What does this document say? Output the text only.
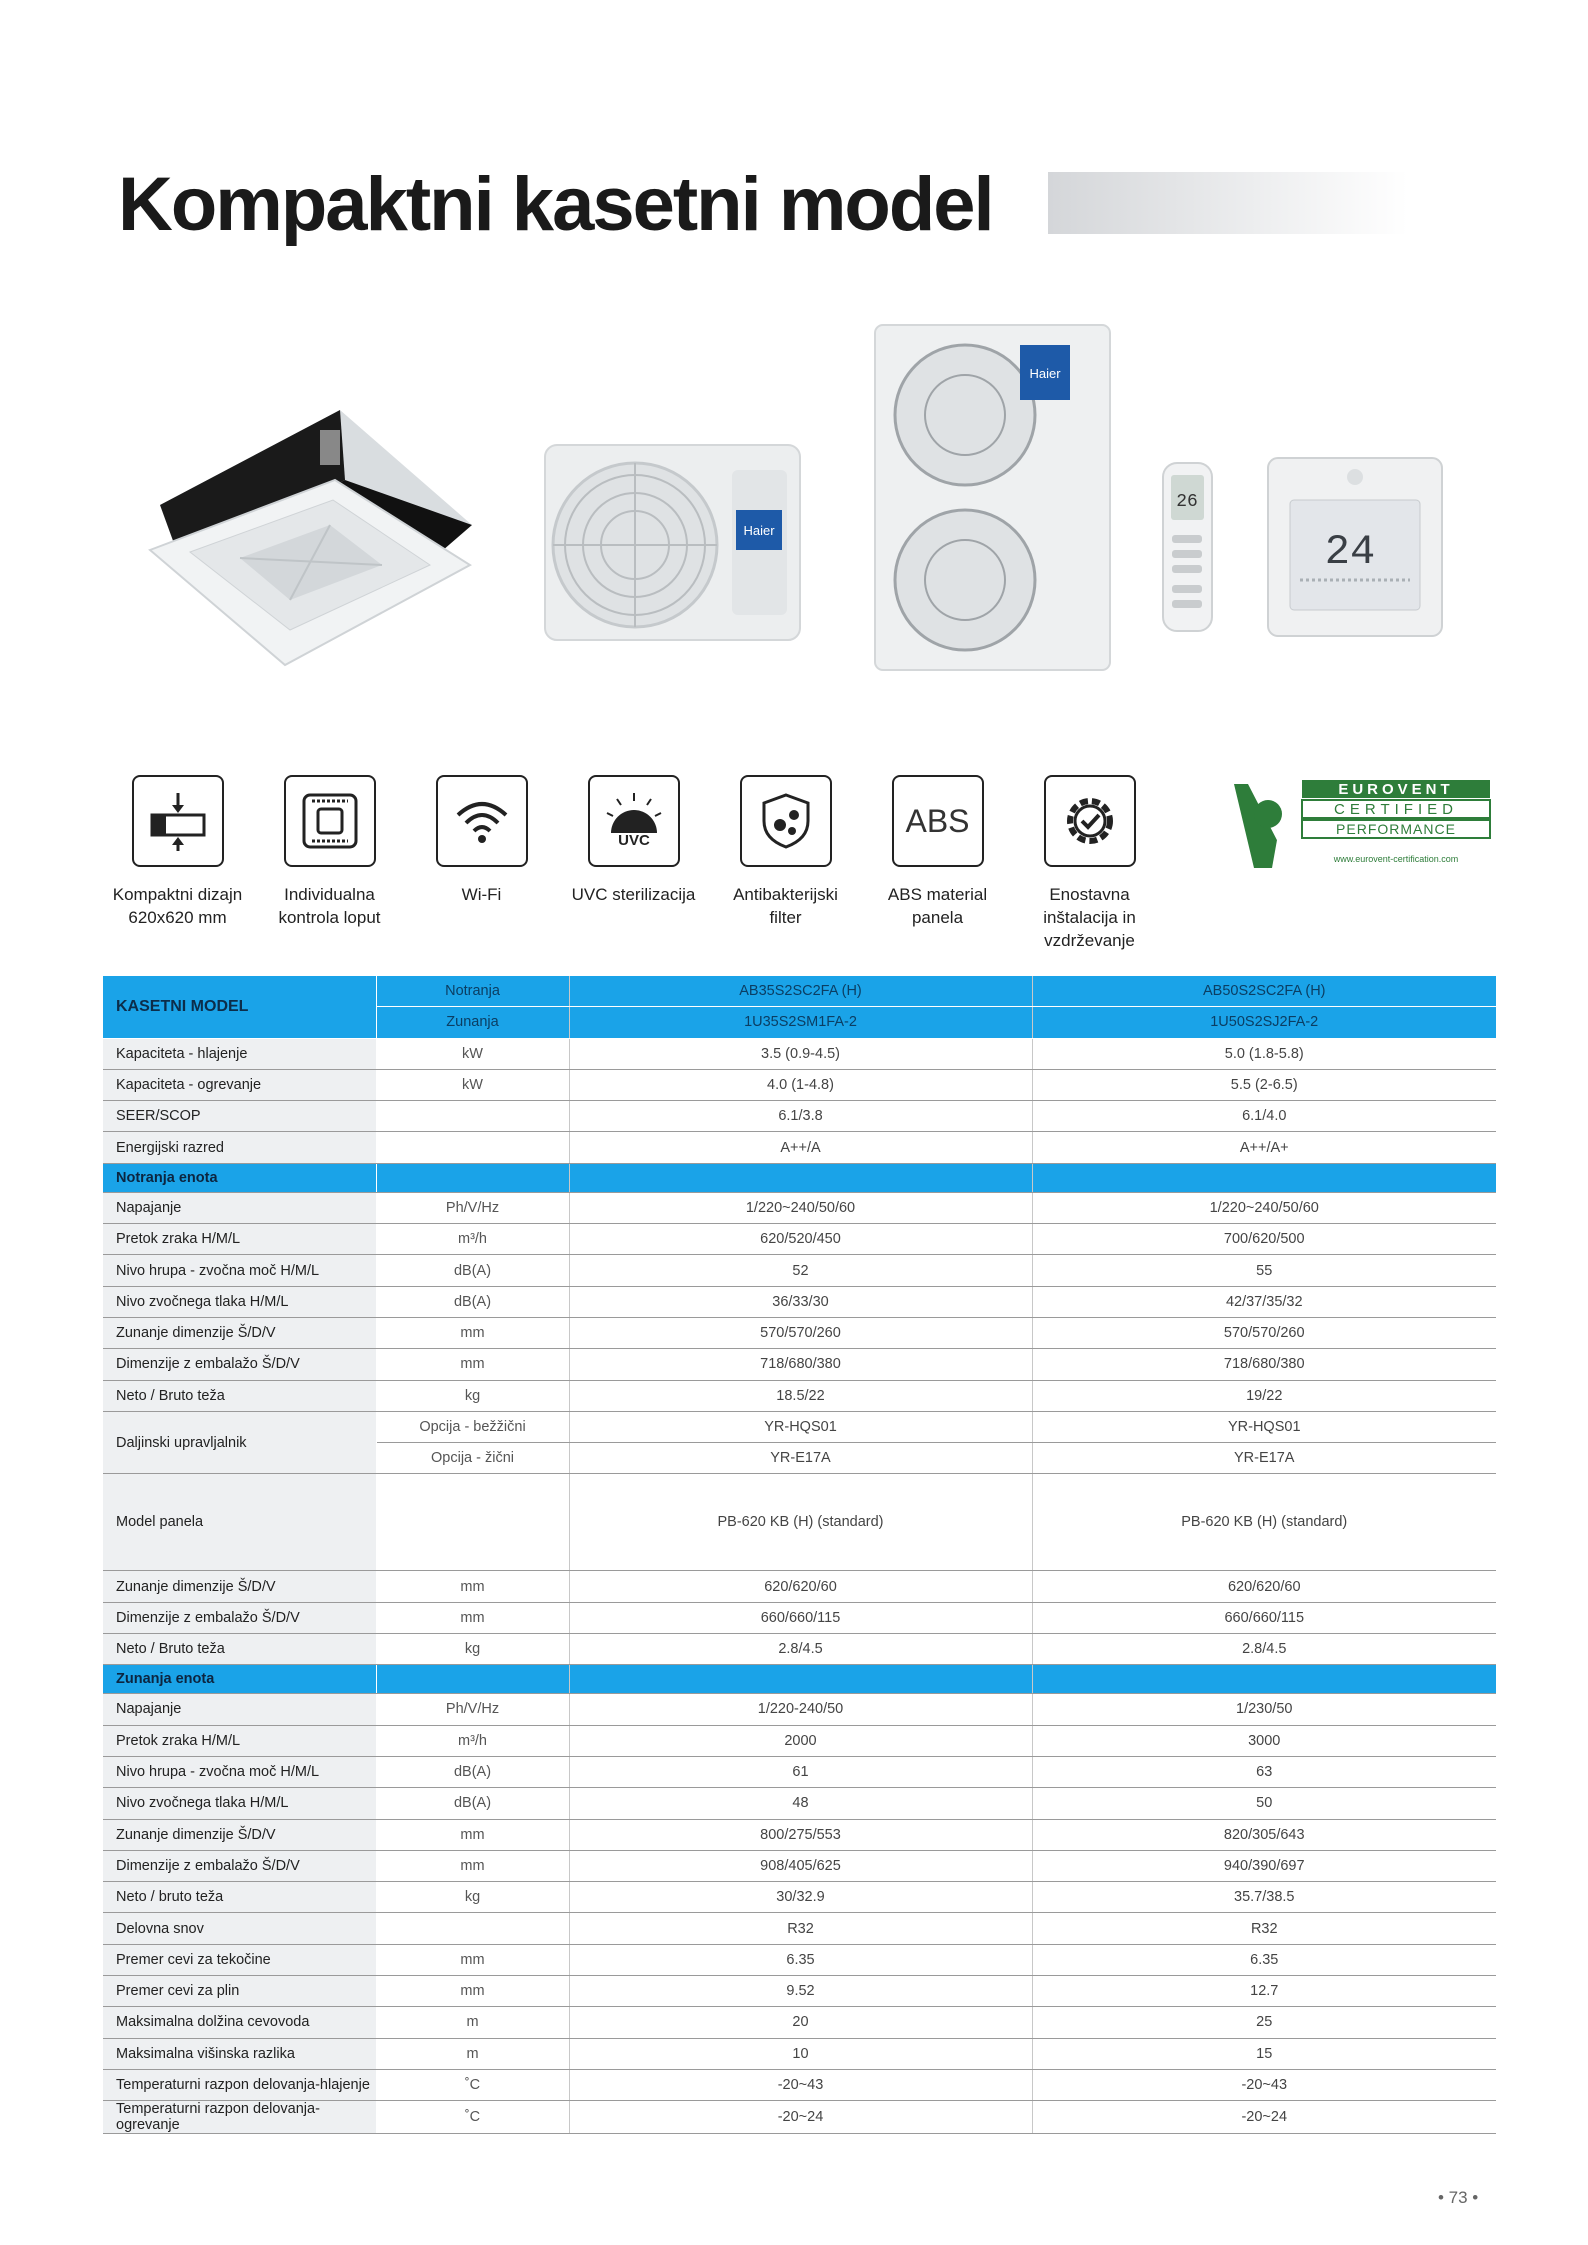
Kompaktni kasetni model
Haier
Haier
26
24
Kompaktni dizajn
620x620 mm
Individualna
kontrola loput
Wi-Fi
UVC
UVC sterilizacija	Antibakterijski
filter
ABS
ABS material
panela
Enostavna
inštalacija in
vzdrževanje
EUROVENT
CERTIFIED
PERFORMANCE
www.eurovent-certification.com
KASETNI MODEL	Notranja	AB35S2SC2FA (H)	AB50S2SC2FA (H)
	Zunanja	1U35S2SM1FA-2	1U50S2SJ2FA-2
Kapaciteta - hlajenje	kW	3.5 (0.9-4.5)	5.0 (1.8-5.8)
Kapaciteta - ogrevanje	kW	4.0 (1-4.8)	5.5 (2-6.5)
SEER/SCOP		6.1/3.8	6.1/4.0
Energijski razred		A++/A	A++/A+
Notranja enota			
Napajanje	Ph/V/Hz	1/220~240/50/60	1/220~240/50/60
Pretok zraka H/M/L	m³/h	620/520/450	700/620/500
Nivo hrupa - zvočna moč H/M/L	dB(A)	52	55
Nivo zvočnega tlaka H/M/L	dB(A)	36/33/30	42/37/35/32
Zunanje dimenzije Š/D/V	mm	570/570/260	570/570/260
Dimenzije z embalažo Š/D/V	mm	718/680/380	718/680/380
Neto / Bruto teža	kg	18.5/22	19/22
Daljinski upravljalnik	Opcija - bežžični	YR-HQS01	YR-HQS01
	Opcija - žični	YR-E17A	YR-E17A
Model panela		PB-620 KB (H) (standard)	PB-620 KB (H) (standard)
Zunanje dimenzije Š/D/V	mm	620/620/60	620/620/60
Dimenzije z embalažo Š/D/V	mm	660/660/115	660/660/115
Neto / Bruto teža	kg	2.8/4.5	2.8/4.5
Zunanja enota			
Napajanje	Ph/V/Hz	1/220-240/50	1/230/50
Pretok zraka H/M/L	m³/h	2000	3000
Nivo hrupa - zvočna moč H/M/L	dB(A)	61	63
Nivo zvočnega tlaka H/M/L	dB(A)	48	50
Zunanje dimenzije Š/D/V	mm	800/275/553	820/305/643
Dimenzije z embalažo Š/D/V	mm	908/405/625	940/390/697
Neto / bruto teža	kg	30/32.9	35.7/38.5
Delovna snov		R32	R32
Premer cevi za tekočine	mm	6.35	6.35
Premer cevi za plin	mm	9.52	12.7
Maksimalna dolžina cevovoda	m	20	25
Maksimalna višinska razlika	m	10	15
Temperaturni razpon delovanja-hlajenje	˚C	-20~43	-20~43
Temperaturni razpon delovanja-ogrevanje	˚C	-20~24	-20~24
• 73 •
